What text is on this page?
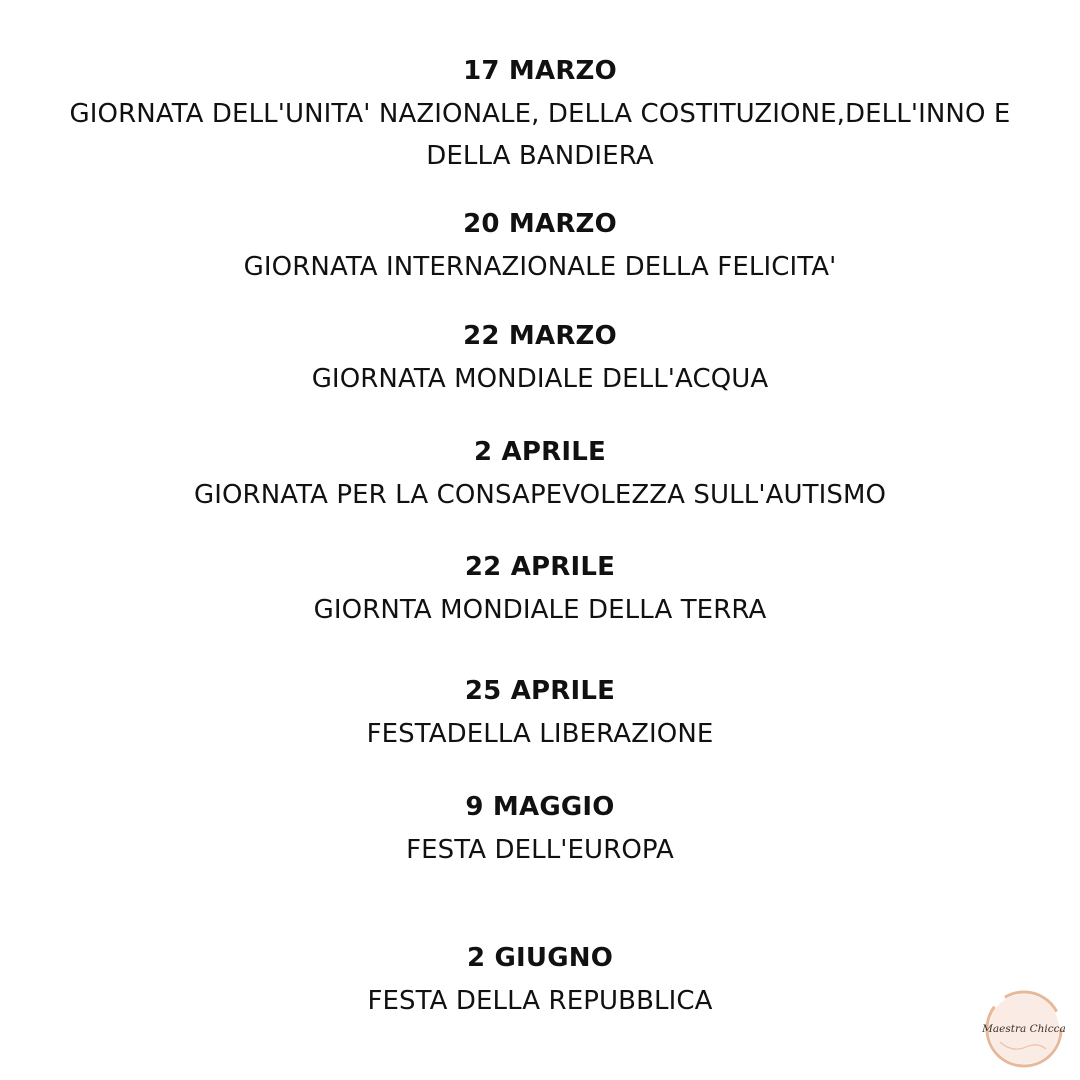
17 MARZO
GIORNATA DELL'UNITA' NAZIONALE, DELLA COSTITUZIONE,DELL'INNO E DELLA BANDIERA
20 MARZO
GIORNATA INTERNAZIONALE DELLA FELICITA'
22 MARZO
GIORNATA MONDIALE DELL'ACQUA
2 APRILE
GIORNATA PER LA CONSAPEVOLEZZA SULL'AUTISMO
22 APRILE
GIORNTA MONDIALE DELLA TERRA
25 APRILE
FESTADELLA LIBERAZIONE
9 MAGGIO
FESTA DELL'EUROPA
2 GIUGNO
FESTA DELLA REPUBBLICA
Maestra Chicca
